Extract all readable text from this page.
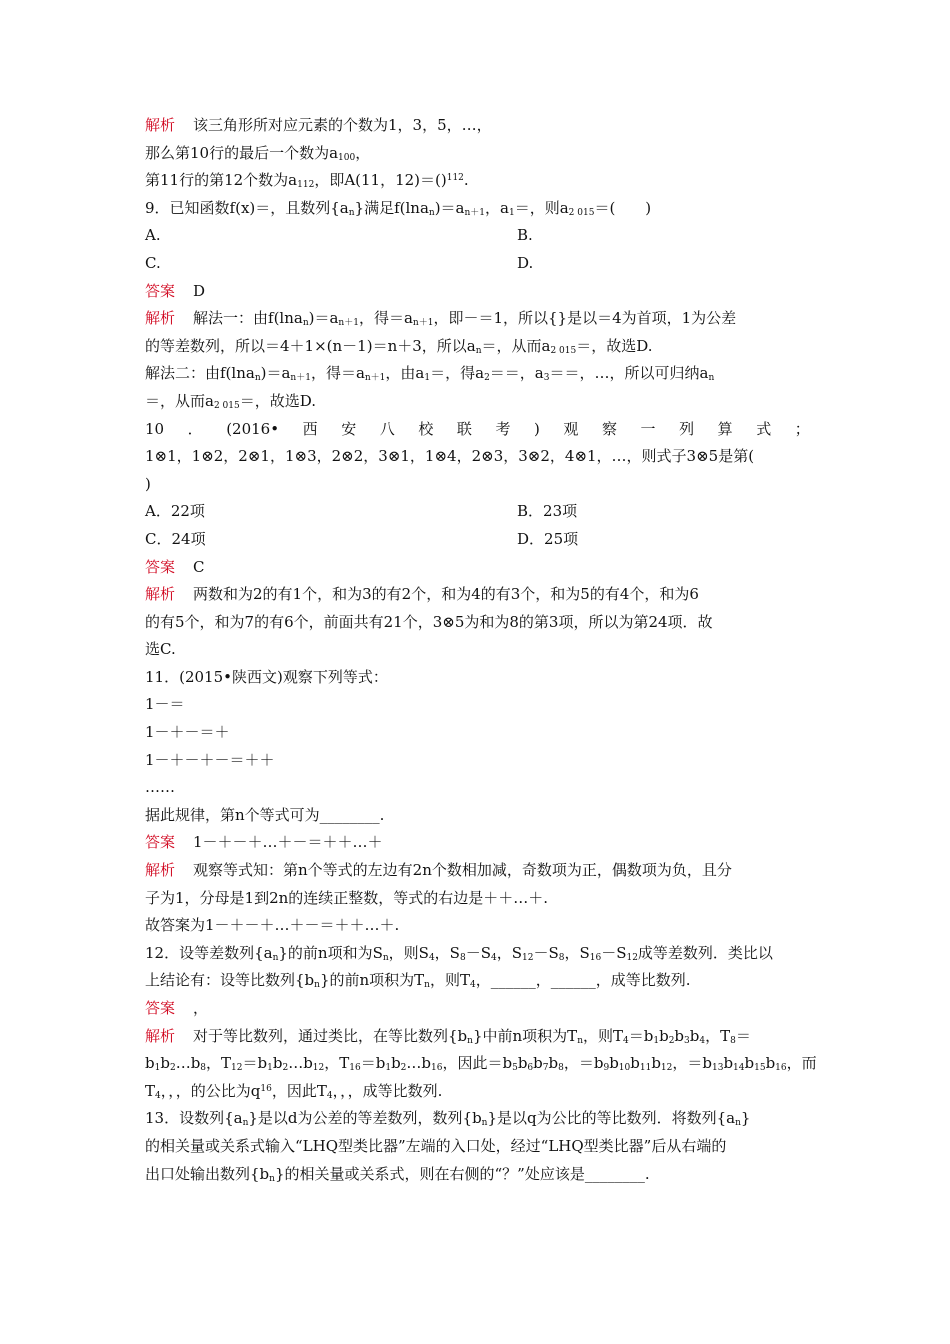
解析 该三角形所对应元素的个数为1，3，5，…，
那么第10行的最后一个数为$a_{100}$，
第11行的第12个数为$a_{112}$，即A(11，12)＝()$^{112}$.
9．已知函数f(x)＝，且数列$\{a_n\}$满足$f(\ln a_n)=a_{n+1}$，$a_1=$，则$a_{2 015}=$(　　)
A.	B.
C.	D.
答案 D
解析 解法一：由$f(\ln a_n)=a_{n+1}$，得$=a_{n+1}$，即－＝1，所以{}是以＝4为首项，1为公差
的等差数列，所以＝4＋1×(n－1)＝n＋3，所以$a_n=$，从而$a_{2 015}=$，故选D.
解法二：由$f(\ln a_n)=a_{n+1}$，得$=a_{n+1}$，由$a_1=$，得$a_2==$，$a_3==$，…，所以可归纳$a_n$
＝，从而$a_{2 015}=$，故选D.
10 ． (2016• 西 安 八 校 联 考 ) 观 察 一 列 算 式 ；
1⊗1，1⊗2，2⊗1，1⊗3，2⊗2，3⊗1，1⊗4，2⊗3，3⊗2，4⊗1，…，则式子3⊗5是第(
)
A．22项	B．23项
C．24项	D．25项
答案 C
解析 两数和为2的有1个，和为3的有2个，和为4的有3个，和为5的有4个，和为6
的有5个，和为7的有6个，前面共有21个，3⊗5为和为8的第3项，所以为第24项．故
选C.
11．(2015•陕西文)观察下列等式：
1－＝
1－＋－＝＋
1－＋－＋－＝＋＋
……
据此规律，第n个等式可为________.
答案 1－＋－＋…＋－＝＋＋…＋
解析 观察等式知：第n个等式的左边有2n个数相加减，奇数项为正，偶数项为负，且分
子为1，分母是1到2n的连续正整数，等式的右边是＋＋…＋.
故答案为1－＋－＋…＋－＝＋＋…＋.
12．设等差数列$\{a_n\}$的前n项和为$S_n$，则$S_4$，$S_8-S_4$，$S_{12}-S_8$，$S_{16}-S_{12}$成等差数列．类比以
上结论有：设等比数列$\{b_n\}$的前n项积为$T_n$，则$T_4$，______，______，成等比数列.
答案 ，
解析 对于等比数列，通过类比，在等比数列$\{b_n\}$中前n项积为$T_n$，则$T_4=b_1b_2b_3b_4$，$T_8=$
$b_1b_2\dots b_8$，$T_{12}=b_1b_2\dots b_{12}$，$T_{16}=b_1b_2\dots b_{16}$，因此$=b_5b_6b_7b_8$，$=b_9b_{10}b_{11}b_{12}$，$=b_{13}b_{14}b_{15}b_{16}$，而
$T_4$，，，的公比为$q^{16}$，因此$T_4$，，，成等比数列.
13．设数列$\{a_n\}$是以d为公差的等差数列，数列$\{b_n\}$是以q为公比的等比数列．将数列$\{a_n\}$
的相关量或关系式输入“LHQ型类比器”左端的入口处，经过“LHQ型类比器”后从右端的
出口处输出数列$\{b_n\}$的相关量或关系式，则在右侧的“？”处应该是________.
